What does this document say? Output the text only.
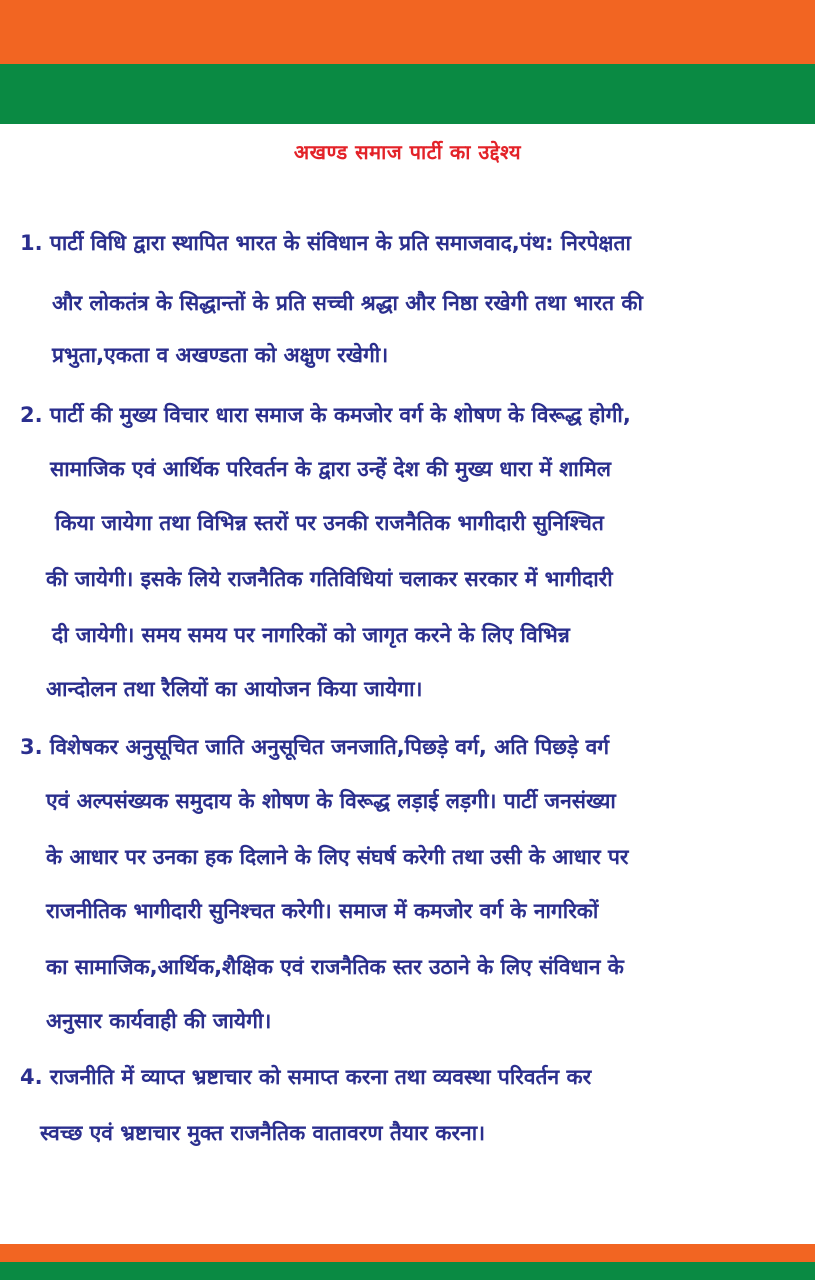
अखण्ड समाज पार्टी का उद्देश्य

1. पार्टी विधि द्वारा स्थापित भारत के संविधान के प्रति समाजवाद,पंथ: निरपेक्षता

और लोकतंत्र के सिद्धान्तों के प्रति सच्ची श्रद्धा और निष्ठा रखेगी तथा भारत की

प्रभुता,एकता व अखण्डता को अक्षुण रखेगी।

2. पार्टी की मुख्य विचार धारा समाज के कमजोर वर्ग के शोषण के विरूद्ध होगी,

सामाजिक एवं आर्थिक परिवर्तन के द्वारा उन्हें देश की मुख्य धारा में शामिल

किया जायेगा तथा विभिन्न स्तरों पर उनकी राजनैतिक भागीदारी सुनिश्चित

की जायेगी। इसके लिये राजनैतिक गतिविधियां चलाकर सरकार में भागीदारी

दी जायेगी। समय समय पर नागरिकों को जागृत करने के लिए विभिन्न

आन्दोलन तथा रैलियों का आयोजन किया जायेगा।

3. विशेषकर अनुसूचित जाति अनुसूचित जनजाति,पिछड़े वर्ग, अति पिछड़े वर्ग

एवं अल्पसंख्यक समुदाय के शोषण के विरूद्ध लड़ाई लड़गी। पार्टी जनसंख्या

के आधार पर उनका हक दिलाने के लिए संघर्ष करेगी तथा उसी के आधार पर

राजनीतिक भागीदारी सुनिश्चत करेगी। समाज में कमजोर वर्ग के नागरिकों

का सामाजिक,आर्थिक,शैक्षिक एवं राजनैतिक स्तर उठाने के लिए संविधान के

अनुसार कार्यवाही की जायेगी।

4. राजनीति में व्याप्त भ्रष्टाचार को समाप्त करना तथा व्यवस्था परिवर्तन कर

स्वच्छ एवं भ्रष्टाचार मुक्त राजनैतिक वातावरण तैयार करना।
